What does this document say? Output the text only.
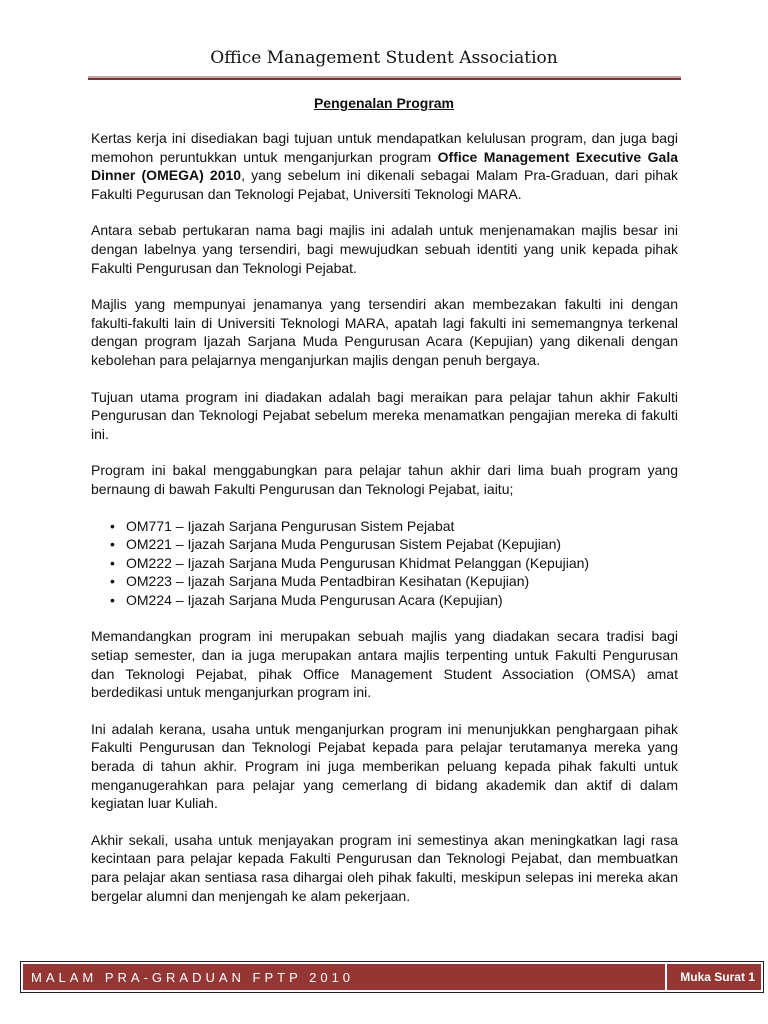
Office Management Student Association
Pengenalan Program

Kertas kerja ini disediakan bagi tujuan untuk mendapatkan kelulusan program, dan juga bagi memohon peruntukkan untuk menganjurkan program Office Management Executive Gala Dinner (OMEGA) 2010, yang sebelum ini dikenali sebagai Malam Pra-Graduan, dari pihak Fakulti Pegurusan dan Teknologi Pejabat, Universiti Teknologi MARA.

Antara sebab pertukaran nama bagi majlis ini adalah untuk menjenamakan majlis besar ini dengan labelnya yang tersendiri, bagi mewujudkan sebuah identiti yang unik kepada pihak Fakulti Pengurusan dan Teknologi Pejabat.

Majlis yang mempunyai jenamanya yang tersendiri akan membezakan fakulti ini dengan fakulti-fakulti lain di Universiti Teknologi MARA, apatah lagi fakulti ini sememangnya terkenal dengan program Ijazah Sarjana Muda Pengurusan Acara (Kepujian) yang dikenali dengan kebolehan para pelajarnya menganjurkan majlis dengan penuh bergaya.

Tujuan utama program ini diadakan adalah bagi meraikan para pelajar tahun akhir Fakulti Pengurusan dan Teknologi Pejabat sebelum mereka menamatkan pengajian mereka di fakulti ini.

Program ini bakal menggabungkan para pelajar tahun akhir dari lima buah program yang bernaung di bawah Fakulti Pengurusan dan Teknologi Pejabat, iaitu;

• OM771 – Ijazah Sarjana Pengurusan Sistem Pejabat
• OM221 – Ijazah Sarjana Muda Pengurusan Sistem Pejabat (Kepujian)
• OM222 – Ijazah Sarjana Muda Pengurusan Khidmat Pelanggan (Kepujian)
• OM223 – Ijazah Sarjana Muda Pentadbiran Kesihatan (Kepujian)
• OM224 – Ijazah Sarjana Muda Pengurusan Acara (Kepujian)

Memandangkan program ini merupakan sebuah majlis yang diadakan secara tradisi bagi setiap semester, dan ia juga merupakan antara majlis terpenting untuk Fakulti Pengurusan dan Teknologi Pejabat, pihak Office Management Student Association (OMSA) amat berdedikasi untuk menganjurkan program ini.

Ini adalah kerana, usaha untuk menganjurkan program ini menunjukkan penghargaan pihak Fakulti Pengurusan dan Teknologi Pejabat kepada para pelajar terutamanya mereka yang berada di tahun akhir. Program ini juga memberikan peluang kepada pihak fakulti untuk menganugerahkan para pelajar yang cemerlang di bidang akademik dan aktif di dalam kegiatan luar Kuliah.

Akhir sekali, usaha untuk menjayakan program ini semestinya akan meningkatkan lagi rasa kecintaan para pelajar kepada Fakulti Pengurusan dan Teknologi Pejabat, dan membuatkan para pelajar akan sentiasa rasa dihargai oleh pihak fakulti, meskipun selepas ini mereka akan bergelar alumni dan menjengah ke alam pekerjaan.

MALAM PRA-GRADUAN FPTP 2010	Muka Surat 1
